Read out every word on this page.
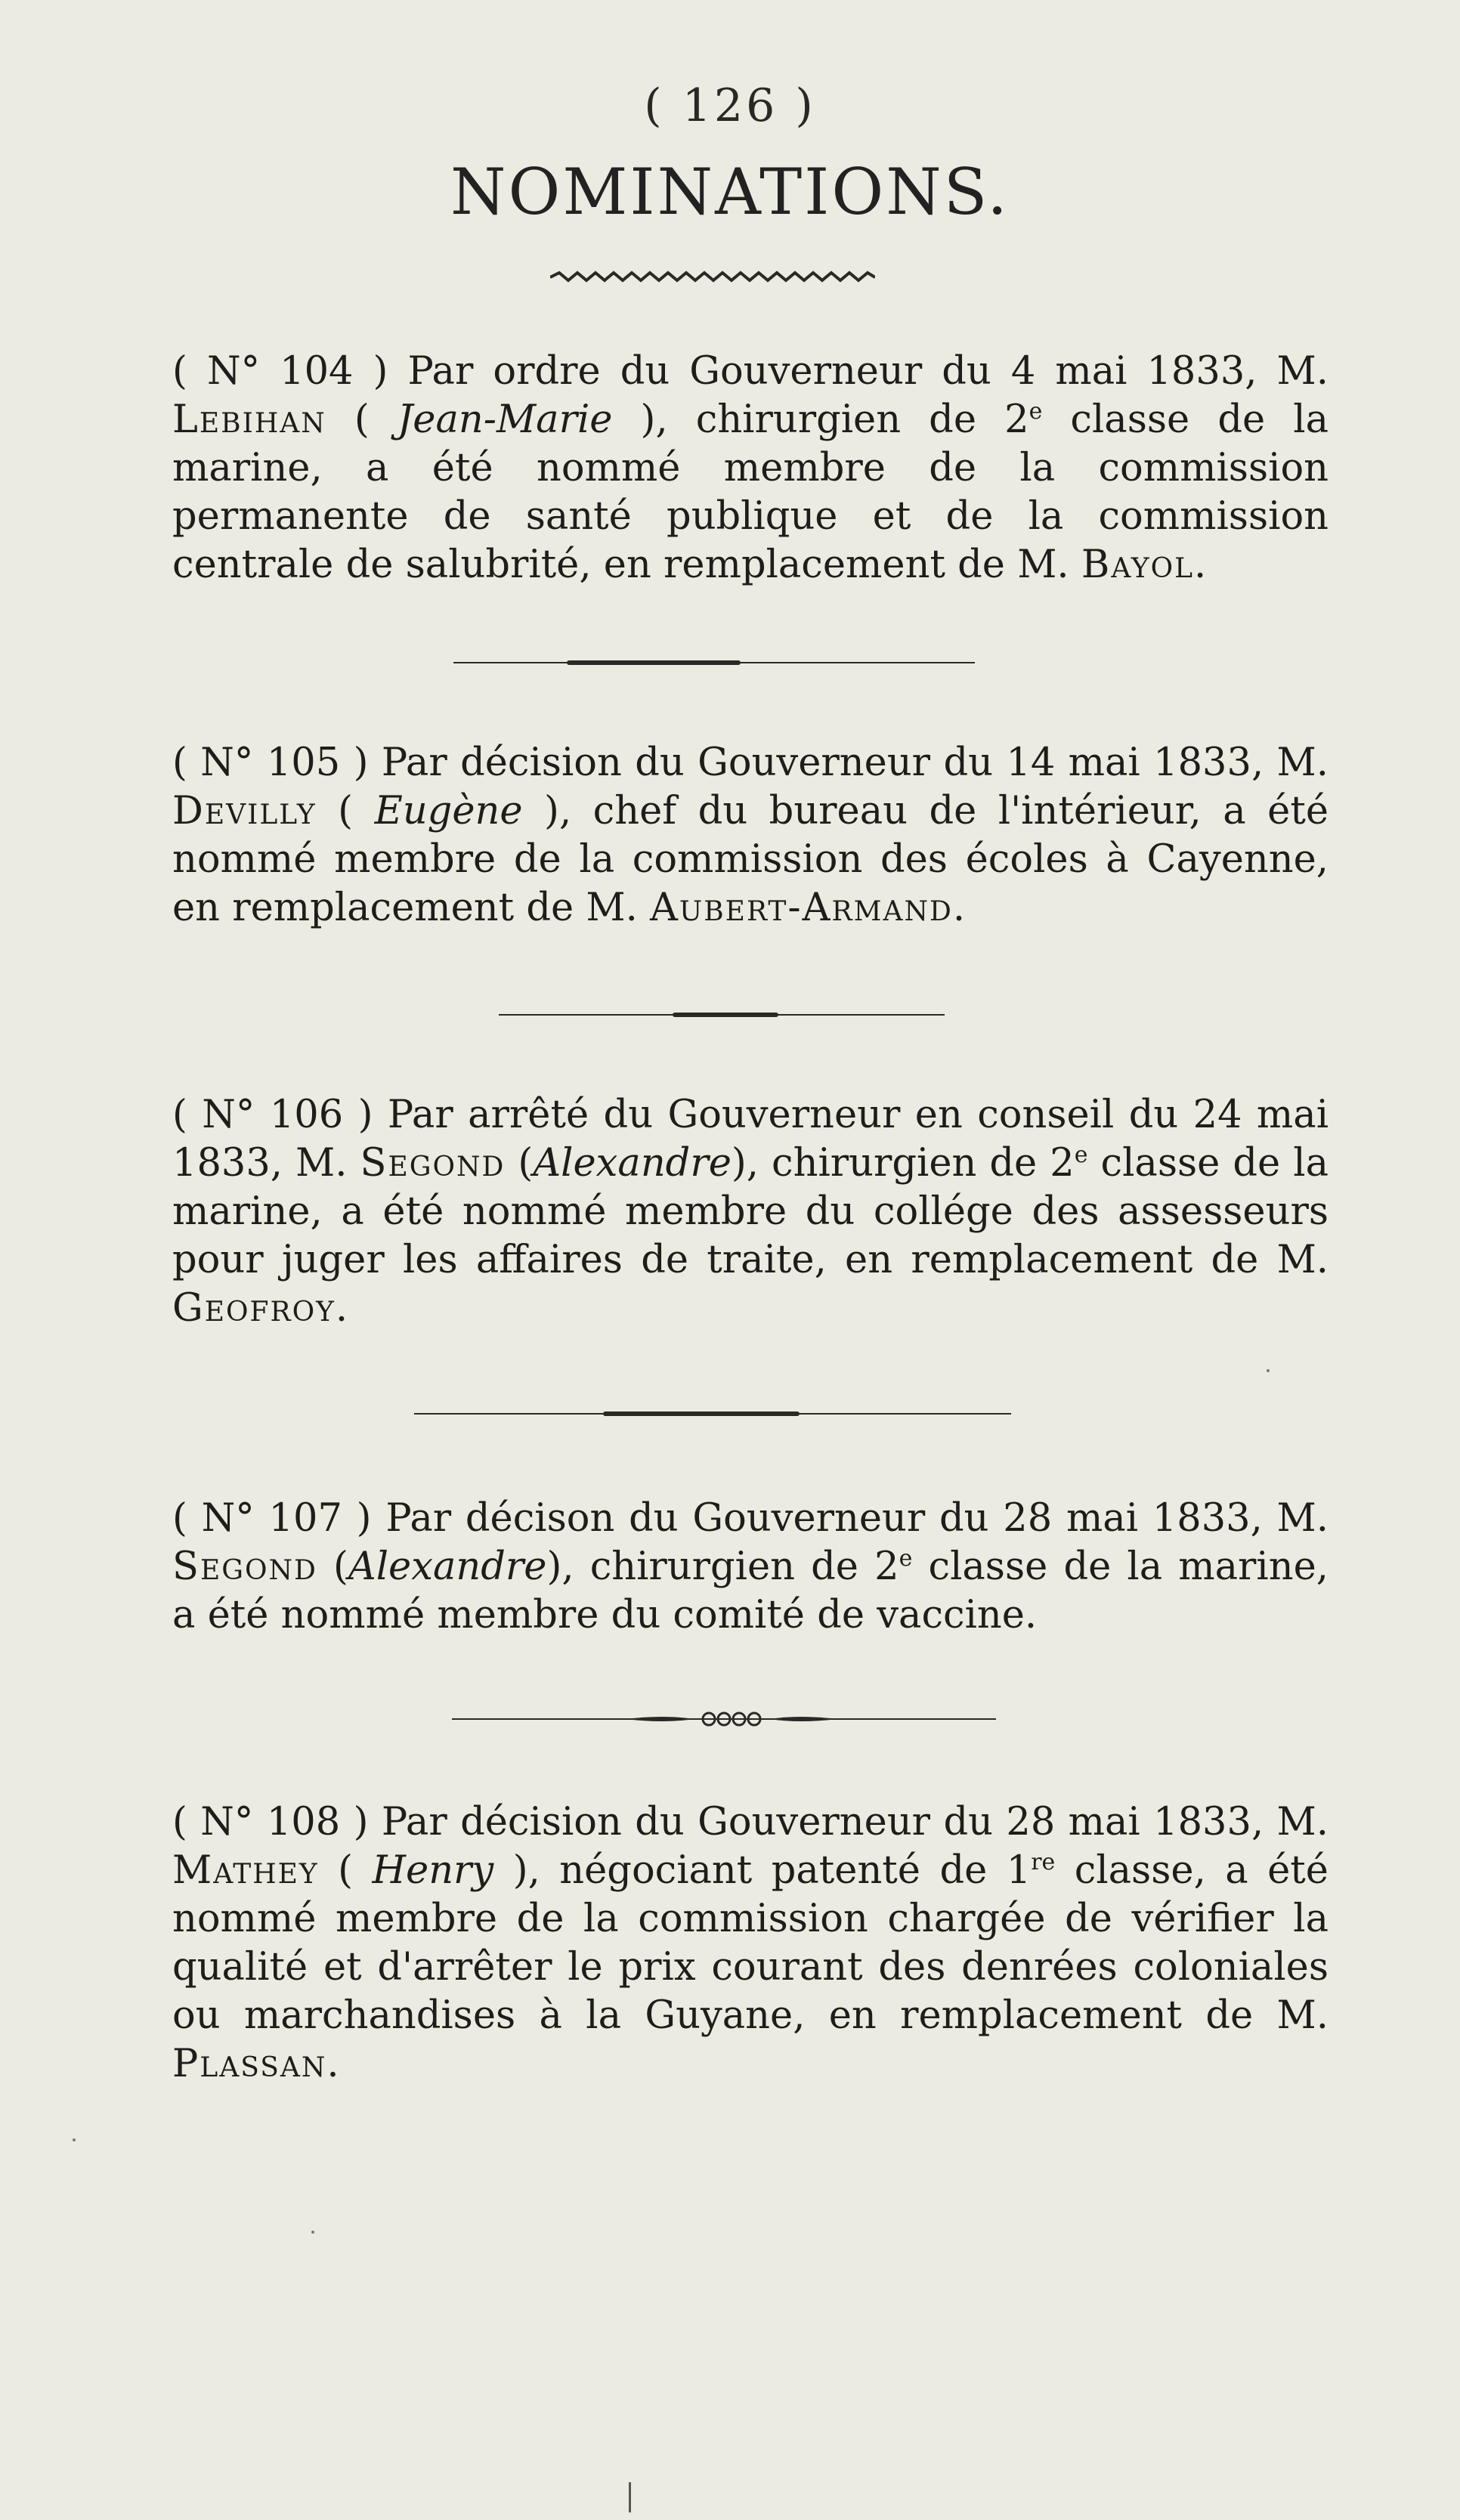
( 126 )
NOMINATIONS.

( N° 104 ) Par ordre du Gouverneur du 4 mai 1833, M. Lebihan ( Jean-Marie ), chirurgien de 2e classe de la marine, a été nommé membre de la commission permanente de santé publique et de la commission centrale de salubrité, en remplacement de M. Bayol.

( N° 105 ) Par décision du Gouverneur du 14 mai 1833, M. Devilly ( Eugène ), chef du bureau de l'intérieur, a été nommé membre de la commission des écoles à Cayenne, en remplacement de M. Aubert-Armand.

( N° 106 ) Par arrêté du Gouverneur en conseil du 24 mai 1833, M. Segond (Alexandre), chirurgien de 2e classe de la marine, a été nommé membre du collége des assesseurs pour juger les affaires de traite, en remplacement de M. Geofroy.

( N° 107 ) Par décison du Gouverneur du 28 mai 1833, M. Segond (Alexandre), chirurgien de 2e classe de la marine, a été nommé membre du comité de vaccine.

( N° 108 ) Par décision du Gouverneur du 28 mai 1833, M. Mathey ( Henry ), négociant patenté de 1re classe, a été nommé membre de la commission chargée de vérifier la qualité et d'arrêter le prix courant des denrées coloniales ou marchandises à la Guyane, en remplacement de M. Plassan.
